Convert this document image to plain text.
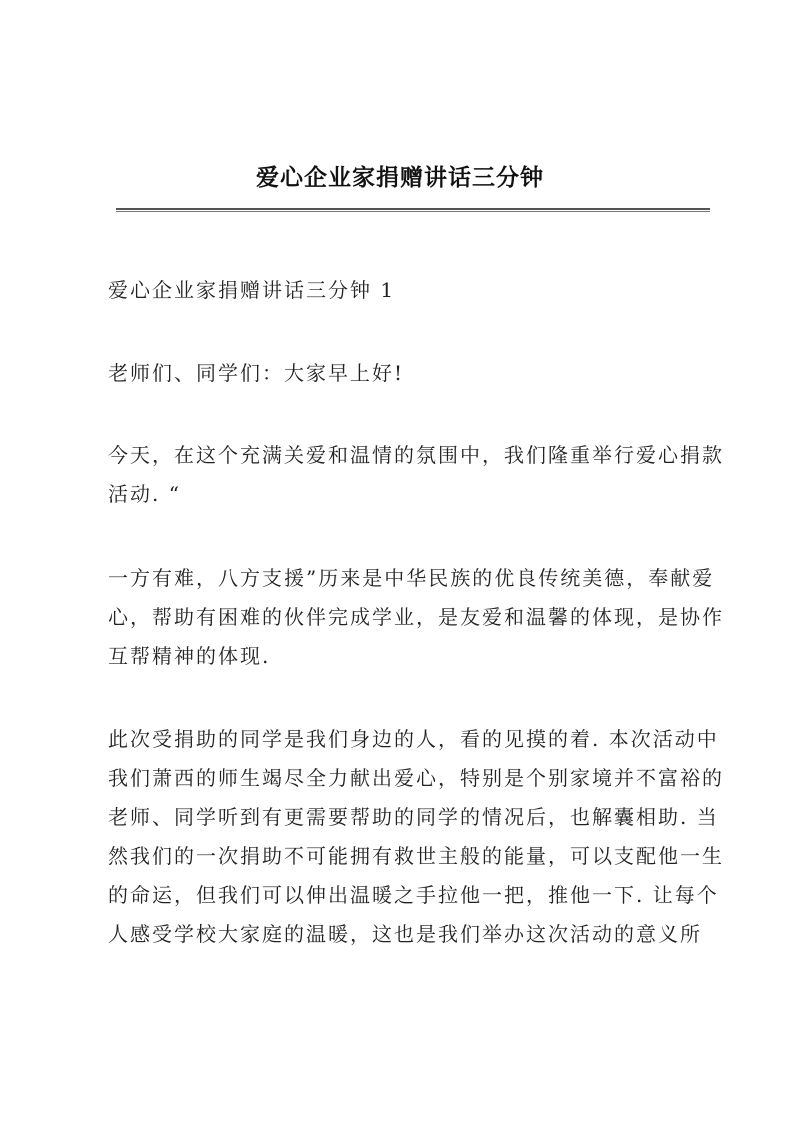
爱心企业家捐赠讲话三分钟

爱心企业家捐赠讲话三分钟 1

老师们、同学们：大家早上好!

今天，在这个充满关爱和温情的氛围中，我们隆重举行爱心捐款
活动. “

一方有难，八方支援”历来是中华民族的优良传统美德，奉献爱
心，帮助有困难的伙伴完成学业，是友爱和温馨的体现，是协作
互帮精神的体现.

此次受捐助的同学是我们身边的人，看的见摸的着. 本次活动中
我们萧西的师生竭尽全力献出爱心，特别是个别家境并不富裕的
老师、同学听到有更需要帮助的同学的情况后，也解囊相助. 当
然我们的一次捐助不可能拥有救世主般的能量，可以支配他一生
的命运，但我们可以伸出温暖之手拉他一把，推他一下. 让每个
人感受学校大家庭的温暖，这也是我们举办这次活动的意义所
